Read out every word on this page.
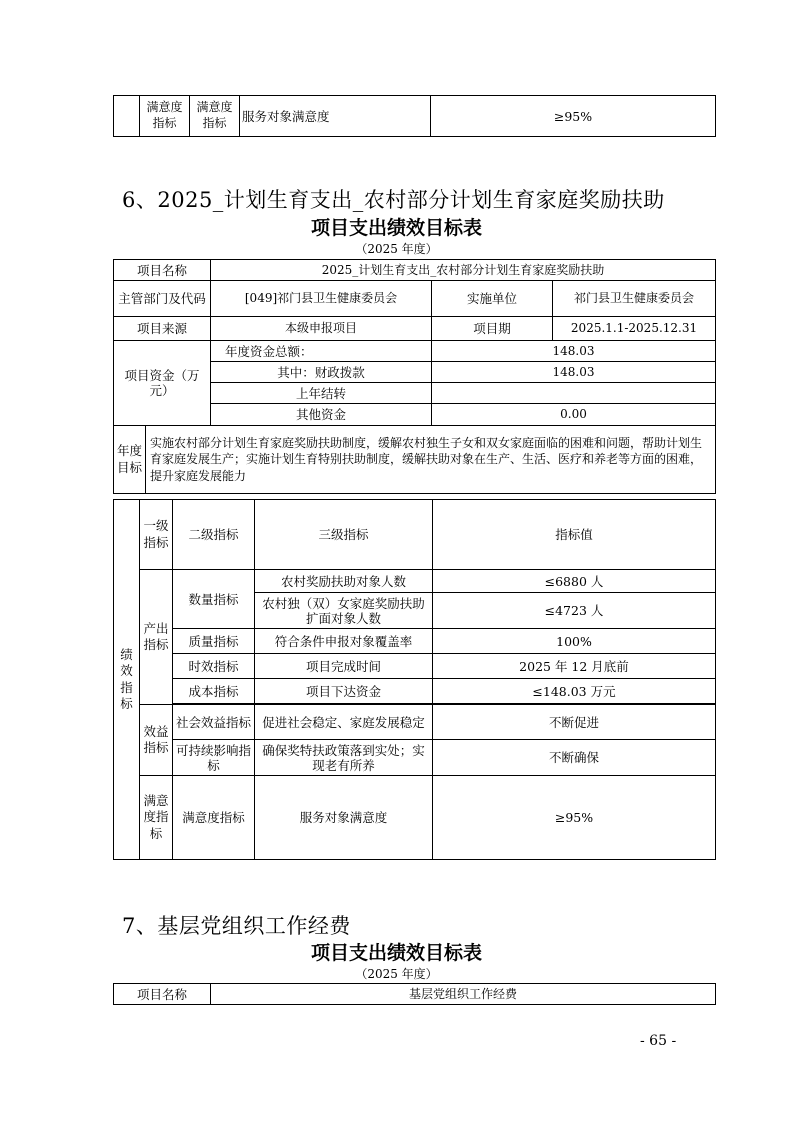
	满意度指标	满意度指标	服务对象满意度	≥95%
6、2025_计划生育支出_农村部分计划生育家庭奖励扶助
项目支出绩效目标表
（2025 年度）
项目名称		2025_计划生育支出_农村部分计划生育家庭奖励扶助		
主管部门及代码		[049]祁门县卫生健康委员会	实施单位	祁门县卫生健康委员会
项目来源		本级申报项目	项目期	2025.1.1-2025.12.31
项目资金（万元）		年度资金总额：	148.03	
		其中：财政拨款	148.03	
		上年结转		
		其他资金	0.00	
年度目标	实施农村部分计划生育家庭奖励扶助制度，缓解农村独生子女和双女家庭面临的困难和问题，帮助计划生育家庭发展生产；实施计划生育特别扶助制度，缓解扶助对象在生产、生活、医疗和养老等方面的困难，提升家庭发展能力			
绩效指标	一级指标	二级指标	三级指标	指标值
	产出指标	数量指标	农村奖励扶助对象人数	≤6880 人
			农村独（双）女家庭奖励扶助扩面对象人数	≤4723 人
		质量指标	符合条件申报对象覆盖率	100%
		时效指标	项目完成时间	2025 年 12 月底前
		成本指标	项目下达资金	≤148.03 万元

	效益指标	社会效益指标	促进社会稳定、家庭发展稳定	不断促进
		可持续影响指标	确保奖特扶政策落到实处；实现老有所养	不断确保
	满意度指标	满意度指标	服务对象满意度	≥95%
7、基层党组织工作经费
项目支出绩效目标表
（2025 年度）
项目名称	基层党组织工作经费
- 65 -
